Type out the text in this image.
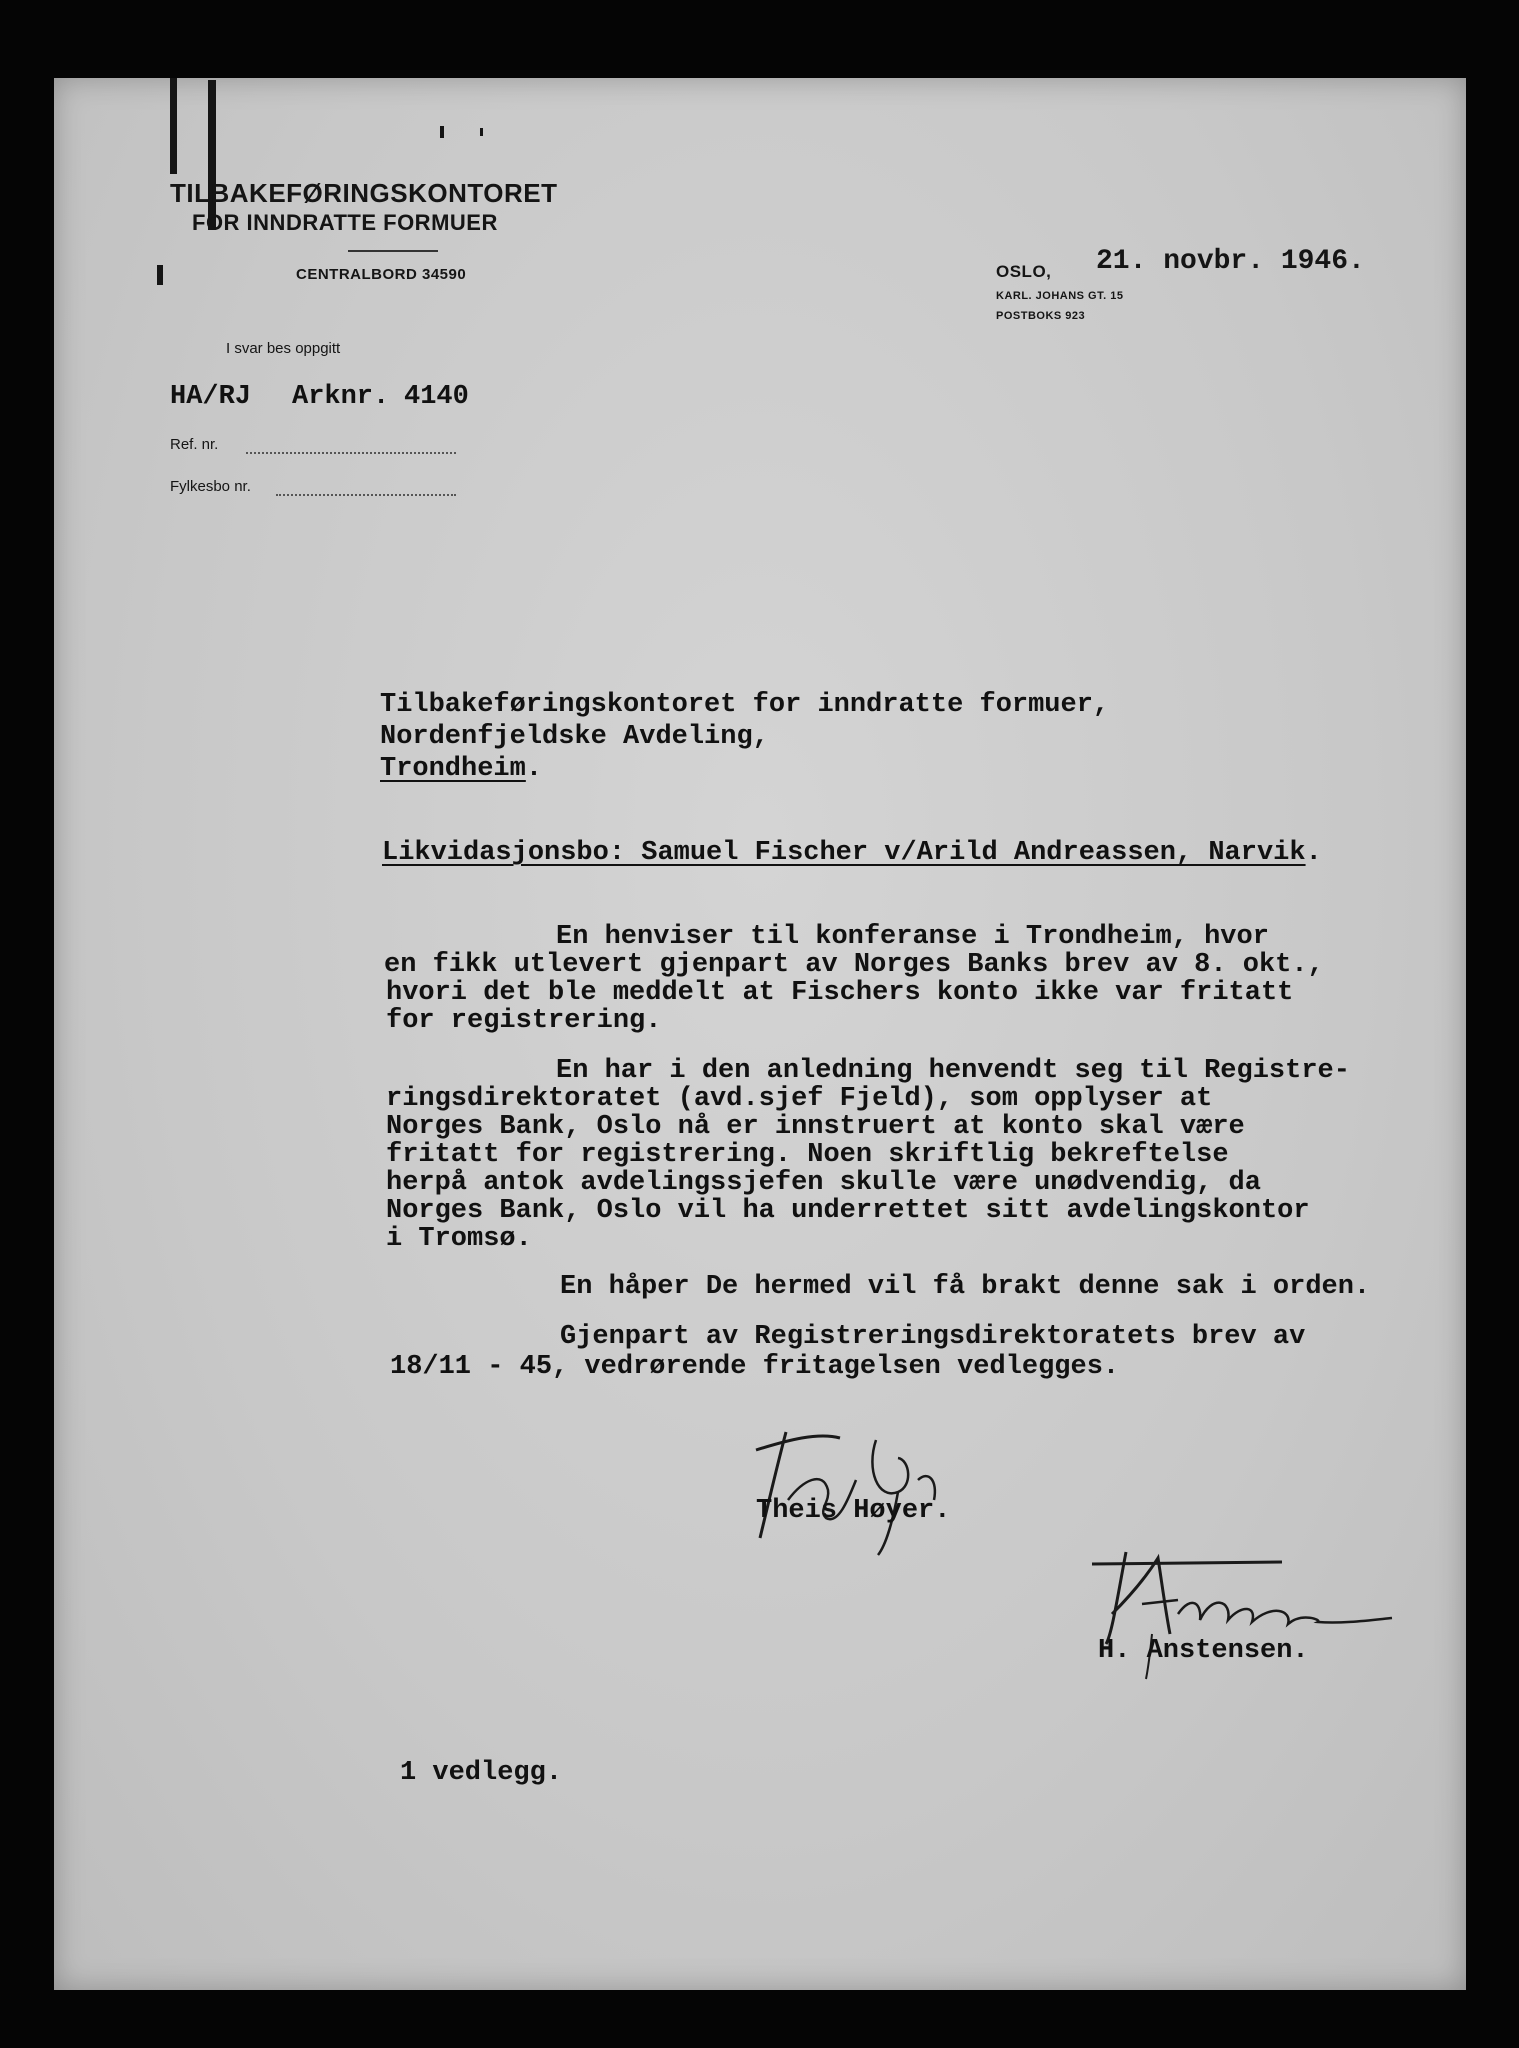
TILBAKEFØRINGSKONTORET
FOR INNDRATTE FORMUER
CENTRALBORD 34590	OSLO, 21. novbr. 1946.
KARL. JOHANS GT. 15
POSTBOKS 923
I svar bes oppgitt
HA/RJ Arknr. 4140
Ref. nr.
Fylkesbo nr.
Tilbakeføringskontoret for inndratte formuer,
Nordenfjeldske Avdeling,
Trondheim.
Likvidasjonsbo: Samuel Fischer v/Arild Andreassen, Narvik.
En henviser til konferanse i Trondheim, hvor
en fikk utlevert gjenpart av Norges Banks brev av 8. okt.,
hvori det ble meddelt at Fischers konto ikke var fritatt
for registrering.
En har i den anledning henvendt seg til Registre-
ringsdirektoratet (avd.sjef Fjeld), som opplyser at
Norges Bank, Oslo nå er innstruert at konto skal være
fritatt for registrering. Noen skriftlig bekreftelse
herpå antok avdelingssjefen skulle være unødvendig, da
Norges Bank, Oslo vil ha underrettet sitt avdelingskontor
i Tromsø.
En håper De hermed vil få brakt denne sak i orden.
Gjenpart av Registreringsdirektoratets brev av
18/11 - 45, vedrørende fritagelsen vedlegges.
Theis Høyer.
H. Anstensen.
1 vedlegg.
